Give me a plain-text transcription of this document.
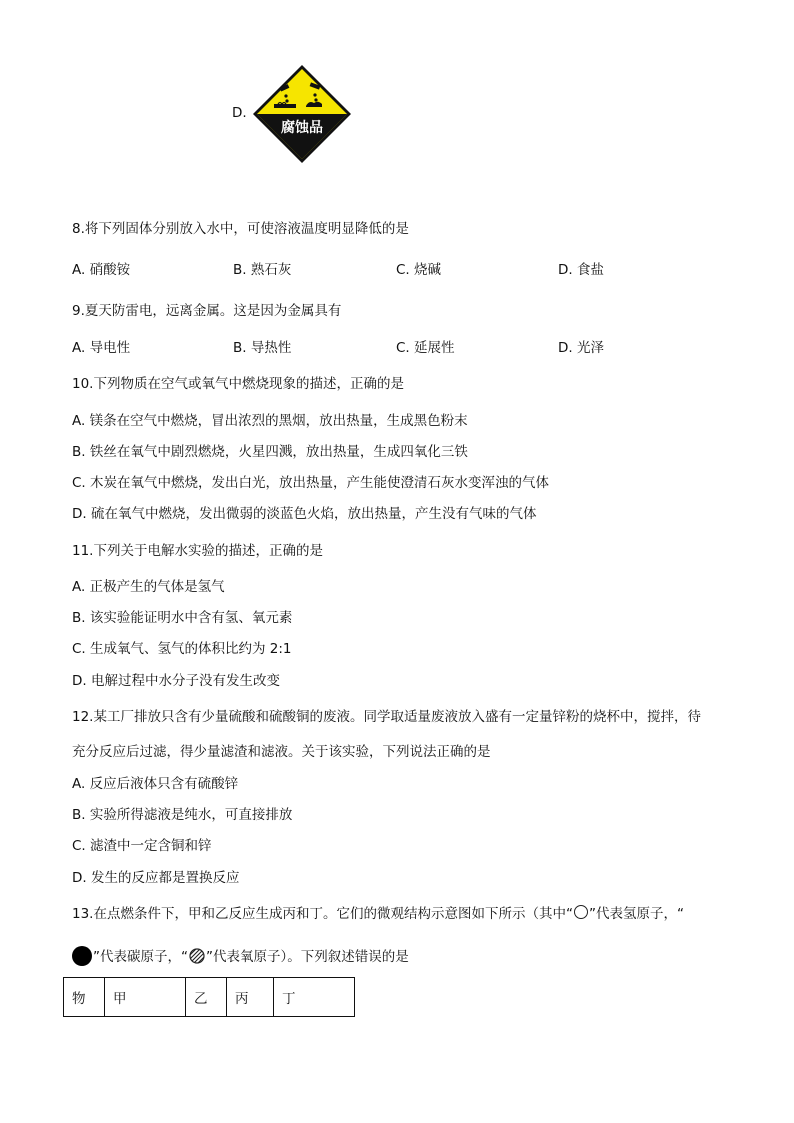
D.
腐蚀品
8.将下列固体分别放入水中，可使溶液温度明显降低的是
A. 硝酸铵	B. 熟石灰	C. 烧碱	D. 食盐
9.夏天防雷电，远离金属。这是因为金属具有
A. 导电性	B. 导热性	C. 延展性	D. 光泽
10.下列物质在空气或氧气中燃烧现象的描述，正确的是
A. 镁条在空气中燃烧，冒出浓烈的黑烟，放出热量，生成黑色粉末
B. 铁丝在氧气中剧烈燃烧，火星四溅，放出热量，生成四氧化三铁
C. 木炭在氧气中燃烧，发出白光，放出热量，产生能使澄清石灰水变浑浊的气体
D. 硫在氧气中燃烧，发出微弱的淡蓝色火焰，放出热量，产生没有气味的气体
11.下列关于电解水实验的描述，正确的是
A. 正极产生的气体是氢气
B. 该实验能证明水中含有氢、氧元素
C. 生成氧气、氢气的体积比约为 2:1
D. 电解过程中水分子没有发生改变
12.某工厂排放只含有少量硫酸和硫酸铜的废液。同学取适量废液放入盛有一定量锌粉的烧杯中，搅拌，待
充分反应后过滤，得少量滤渣和滤液。关于该实验，下列说法正确的是
A. 反应后液体只含有硫酸锌
B. 实验所得滤液是纯水，可直接排放
C. 滤渣中一定含铜和锌
D. 发生的反应都是置换反应
13.在点燃条件下，甲和乙反应生成丙和丁。它们的微观结构示意图如下所示（其中“ ”代表氢原子，“
”代表碳原子，“ ”代表氧原子）。下列叙述错误的是
物	甲	乙	丙	丁
